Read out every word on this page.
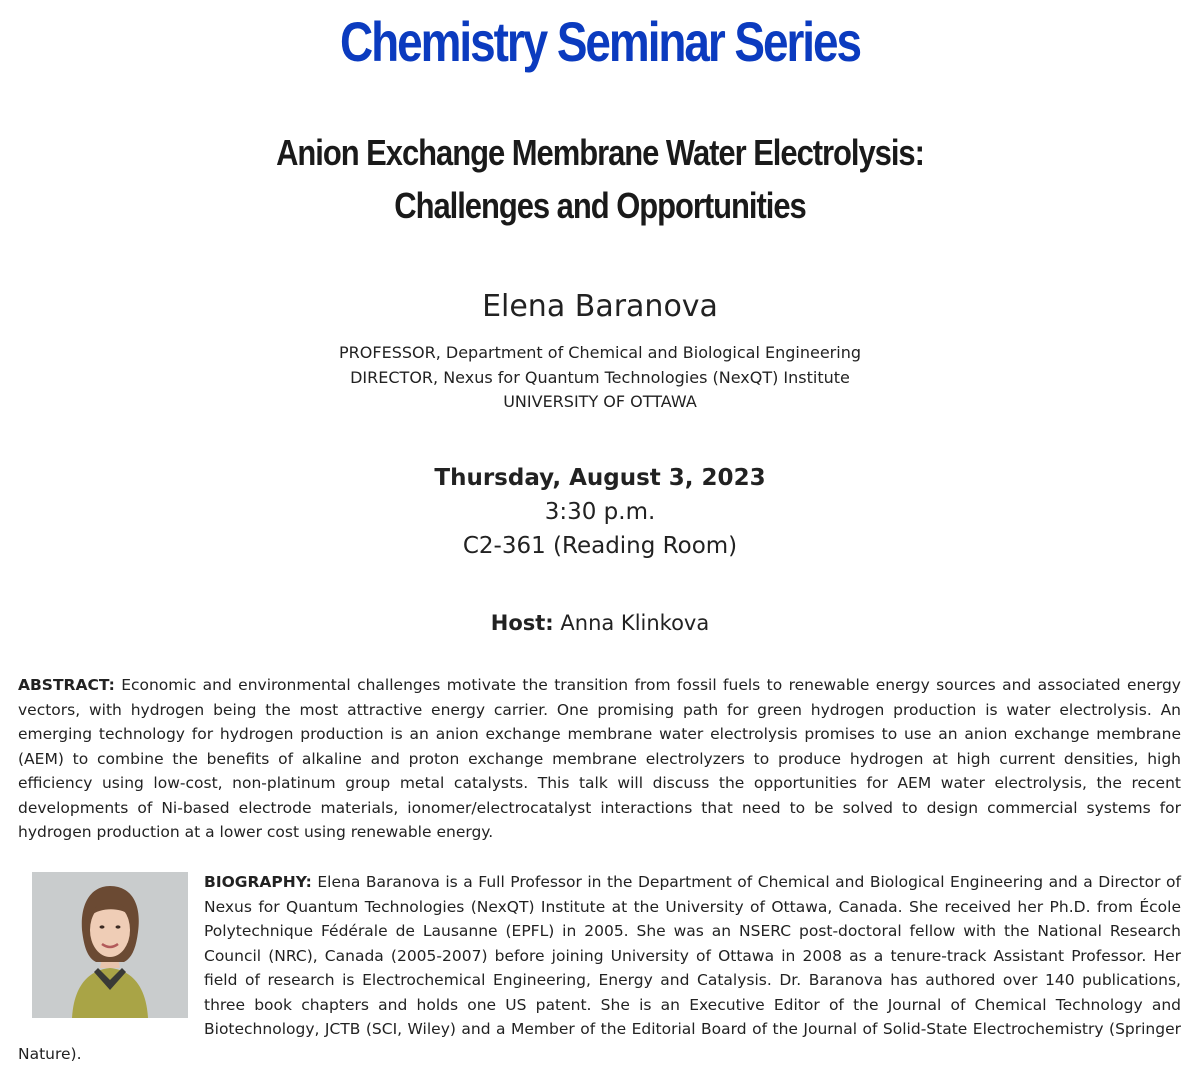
Chemistry Seminar Series
Anion Exchange Membrane Water Electrolysis:
Challenges and Opportunities
Elena Baranova
PROFESSOR, Department of Chemical and Biological Engineering
DIRECTOR, Nexus for Quantum Technologies (NexQT) Institute
UNIVERSITY OF OTTAWA
Thursday, August 3, 2023
3:30 p.m.
C2-361 (Reading Room)
Host: Anna Klinkova

ABSTRACT: Economic and environmental challenges motivate the transition from fossil fuels to renewable energy sources and associated energy vectors, with hydrogen being the most attractive energy carrier. One promising path for green hydrogen production is water electrolysis. An emerging technology for hydrogen production is an anion exchange membrane water electrolysis promises to use an anion exchange membrane (AEM) to combine the benefits of alkaline and proton exchange membrane electrolyzers to produce hydrogen at high current densities, high efficiency using low-cost, non-platinum group metal catalysts. This talk will discuss the opportunities for AEM water electrolysis, the recent developments of Ni-based electrode materials, ionomer/electrocatalyst interactions that need to be solved to design commercial systems for hydrogen production at a lower cost using renewable energy.

BIOGRAPHY: Elena Baranova is a Full Professor in the Department of Chemical and Biological Engineering and a Director of Nexus for Quantum Technologies (NexQT) Institute at the University of Ottawa, Canada. She received her Ph.D. from École Polytechnique Fédérale de Lausanne (EPFL) in 2005. She was an NSERC post-doctoral fellow with the National Research Council (NRC), Canada (2005-2007) before joining University of Ottawa in 2008 as a tenure-track Assistant Professor. Her field of research is Electrochemical Engineering, Energy and Catalysis. Dr. Baranova has authored over 140 publications, three book chapters and holds one US patent. She is an Executive Editor of the Journal of Chemical Technology and Biotechnology, JCTB (SCI, Wiley) and a Member of the Editorial Board of the Journal of Solid-State Electrochemistry (Springer Nature).
